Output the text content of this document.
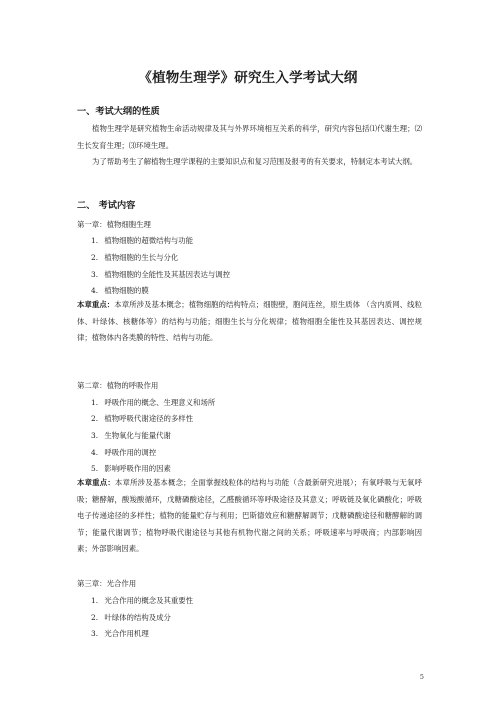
《植物生理学》研究生入学考试大纲
一、考试大纲的性质
植物生理学是研究植物生命活动规律及其与外界环境相互关系的科学，研究内容包括⑴代谢生理；⑵生长发育生理；⑶环境生理。
为了帮助考生了解植物生理学课程的主要知识点和复习范围及报考的有关要求，特制定本考试大纲。
二、 考试内容
第一章：植物细胞生理
1. 植物细胞的超微结构与功能
2. 植物细胞的生长与分化
3. 植物细胞的全能性及其基因表达与调控
4. 植物细胞的膜
本章重点：本章所涉及基本概念；植物细胞的结构特点；细胞壁，胞间连丝，原生质体 （含内质网、线粒体、叶绿体、核糖体等）的结构与功能；细胞生长与分化规律；植物细胞全能性及其基因表达、调控规律；植物体内各类膜的特性、结构与功能。
第二章：植物的呼吸作用
1. 呼吸作用的概念、生理意义和场所
2. 植物呼吸代谢途径的多样性
3. 生物氧化与能量代谢
4. 呼吸作用的调控
5. 影响呼吸作用的因素
本章重点：本章所涉及基本概念；全面掌握线粒体的结构与功能（含最新研究进展）；有氧呼吸与无氧呼吸；糖酵解，酸羧酸循环，戊糖磷酸途径，乙醛酸循环等呼吸途径及其意义；呼吸链及氧化磷酸化；呼吸电子传递途径的多样性；植物的能量贮存与利用；巴斯德效应和糖酵解调节；戊糖磷酸途径和糖酵解的调节；能量代谢调节；植物呼吸代谢途径与其他有机物代谢之间的关系；呼吸速率与呼吸商；内部影响因素；外部影响因素。
第三章：光合作用
1. 光合作用的概念及其重要性
2. 叶绿体的结构及成分
3. 光合作用机理
5
